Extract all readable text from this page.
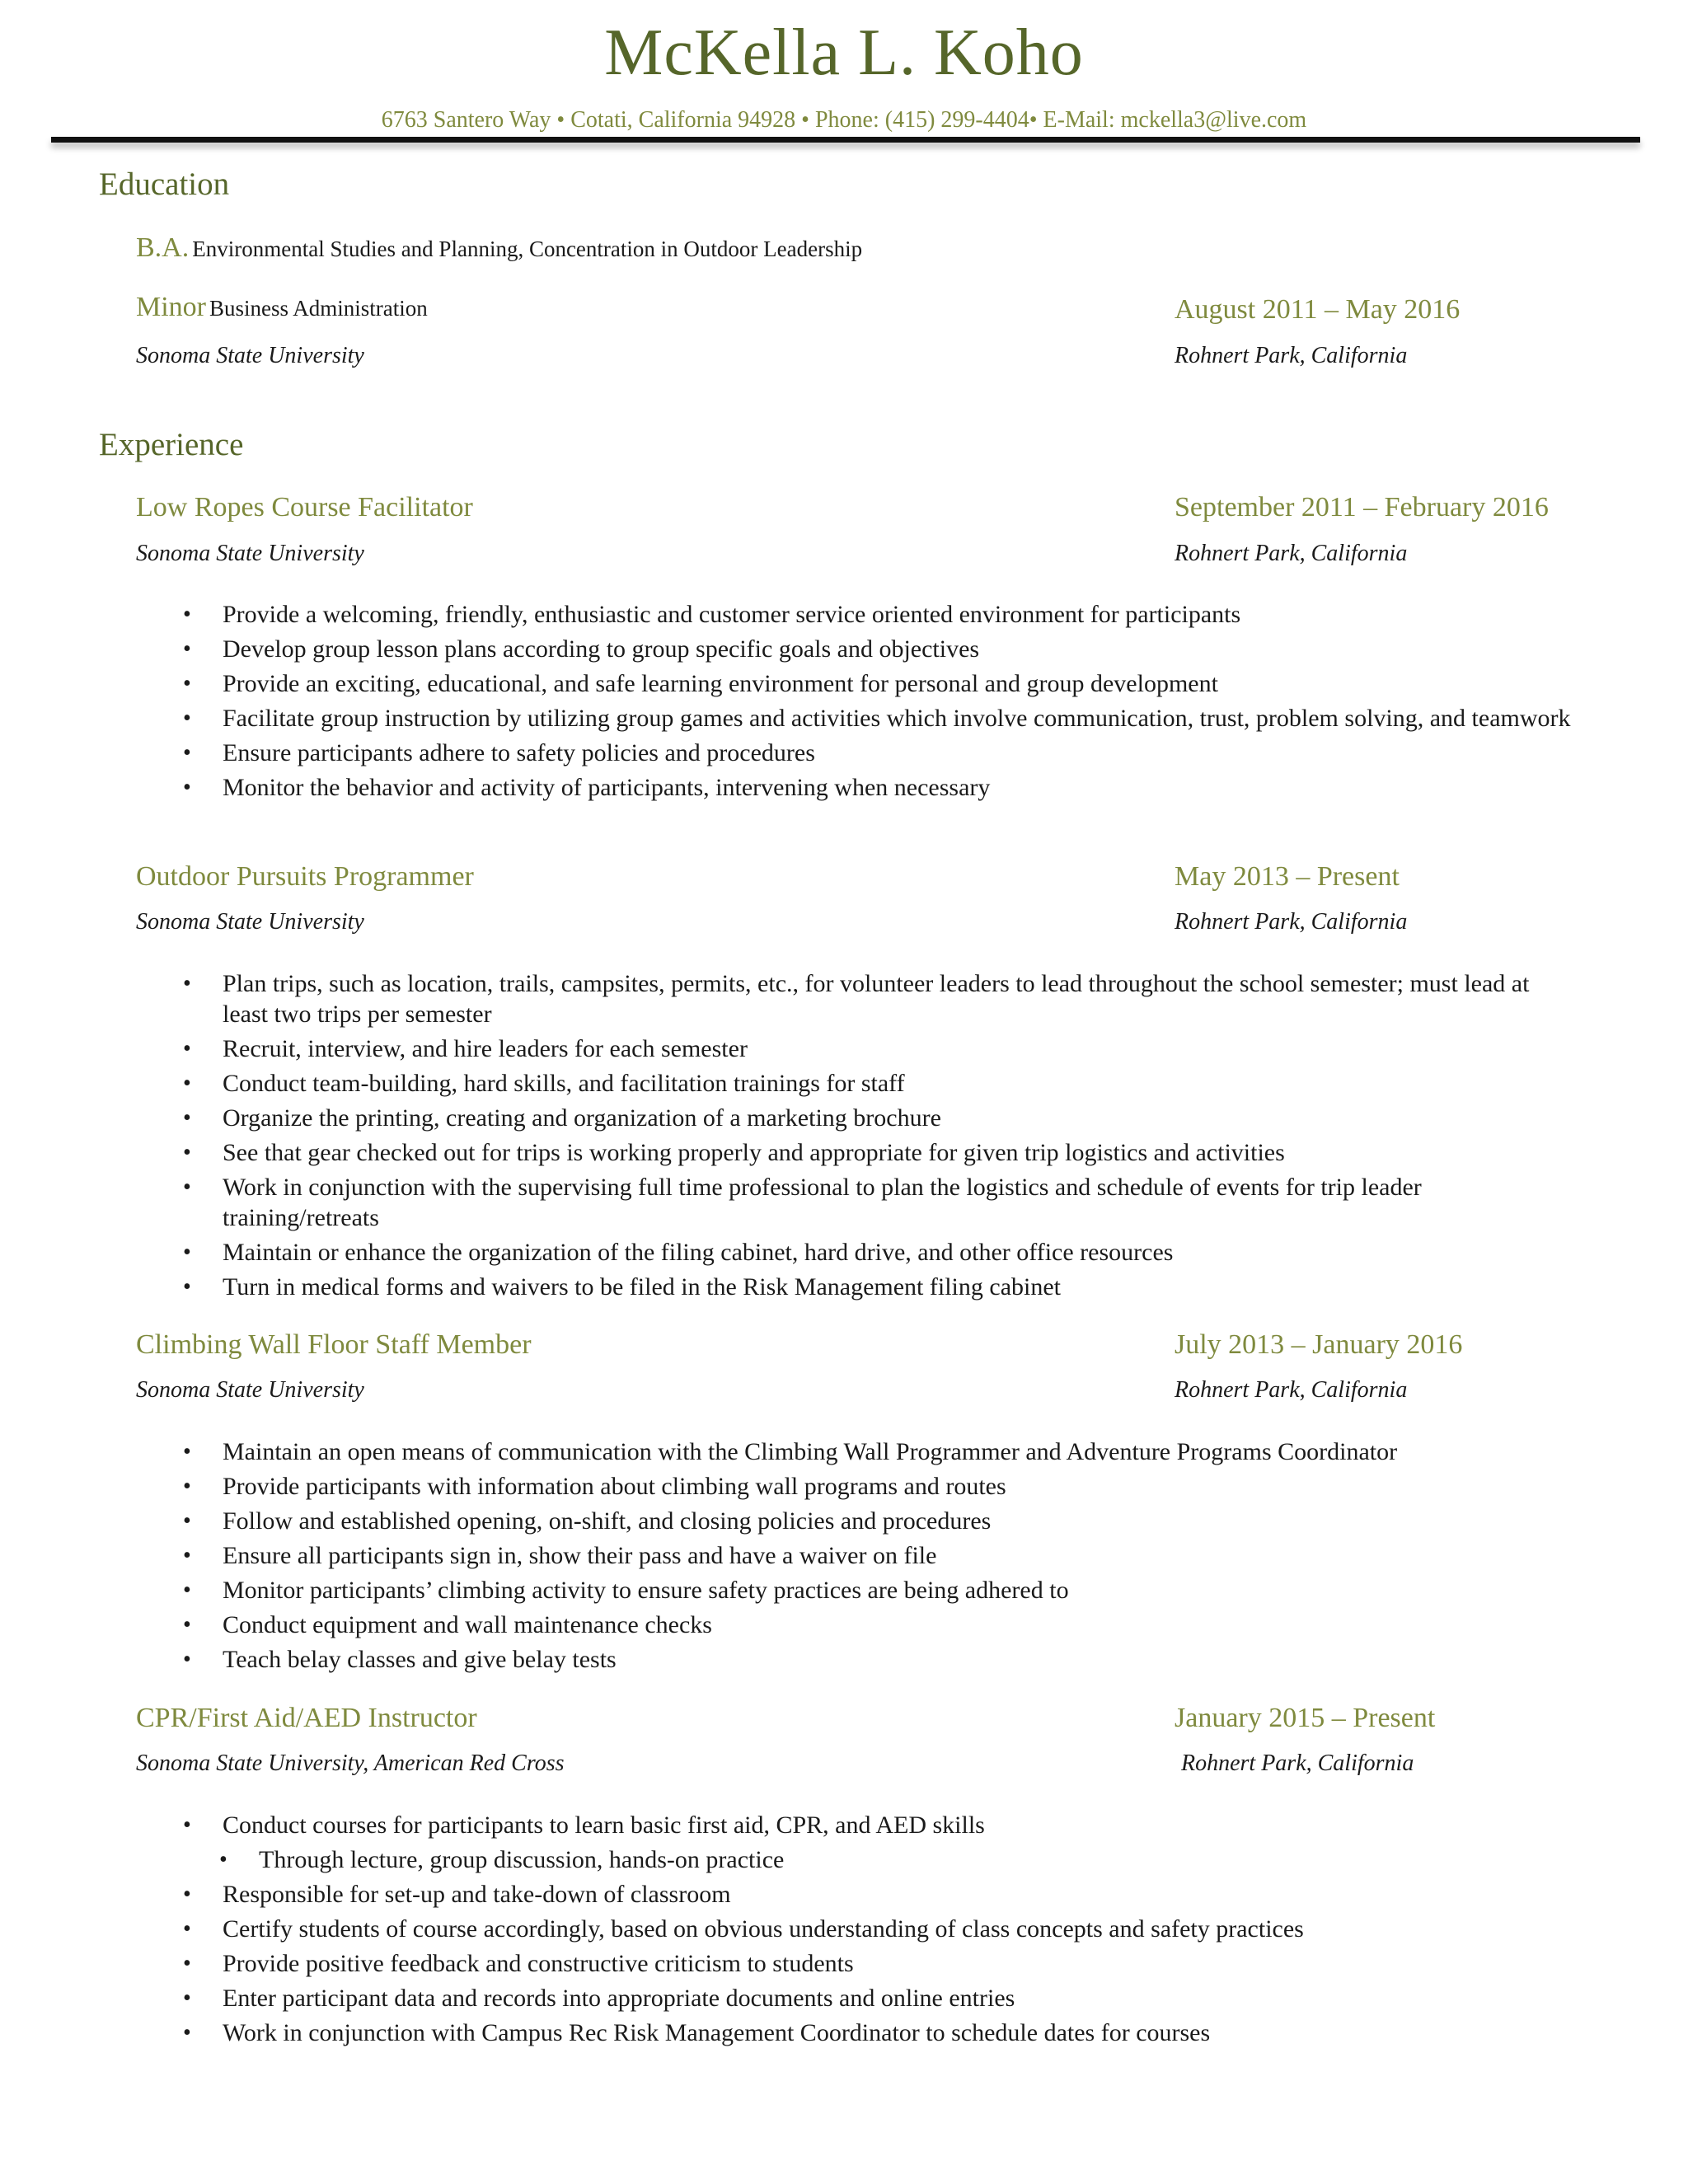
McKella L. Koho
6763 Santero Way • Cotati, California 94928 • Phone: (415) 299-4404• E-Mail: mckella3@live.com
Education
B.A. Environmental Studies and Planning, Concentration in Outdoor Leadership
Minor Business Administration	August 2011 – May 2016
Sonoma State University	Rohnert Park, California
Experience
Low Ropes Course Facilitator	September 2011 – February 2016
Sonoma State University	Rohnert Park, California
• Provide a welcoming, friendly, enthusiastic and customer service oriented environment for participants
• Develop group lesson plans according to group specific goals and objectives
• Provide an exciting, educational, and safe learning environment for personal and group development
• Facilitate group instruction by utilizing group games and activities which involve communication, trust, problem solving, and teamwork
• Ensure participants adhere to safety policies and procedures
• Monitor the behavior and activity of participants, intervening when necessary
Outdoor Pursuits Programmer	May 2013 – Present
Sonoma State University	Rohnert Park, California
• Plan trips, such as location, trails, campsites, permits, etc., for volunteer leaders to lead throughout the school semester; must lead at least two trips per semester
• Recruit, interview, and hire leaders for each semester
• Conduct team-building, hard skills, and facilitation trainings for staff
• Organize the printing, creating and organization of a marketing brochure
• See that gear checked out for trips is working properly and appropriate for given trip logistics and activities
• Work in conjunction with the supervising full time professional to plan the logistics and schedule of events for trip leader training/retreats
• Maintain or enhance the organization of the filing cabinet, hard drive, and other office resources
• Turn in medical forms and waivers to be filed in the Risk Management filing cabinet
Climbing Wall Floor Staff Member	July 2013 – January 2016
Sonoma State University	Rohnert Park, California
• Maintain an open means of communication with the Climbing Wall Programmer and Adventure Programs Coordinator
• Provide participants with information about climbing wall programs and routes
• Follow and established opening, on-shift, and closing policies and procedures
• Ensure all participants sign in, show their pass and have a waiver on file
• Monitor participants’ climbing activity to ensure safety practices are being adhered to
• Conduct equipment and wall maintenance checks
• Teach belay classes and give belay tests
CPR/First Aid/AED Instructor	January 2015 – Present
Sonoma State University, American Red Cross	Rohnert Park, California
• Conduct courses for participants to learn basic first aid, CPR, and AED skills
• Through lecture, group discussion, hands-on practice
• Responsible for set-up and take-down of classroom
• Certify students of course accordingly, based on obvious understanding of class concepts and safety practices
• Provide positive feedback and constructive criticism to students
• Enter participant data and records into appropriate documents and online entries
• Work in conjunction with Campus Rec Risk Management Coordinator to schedule dates for courses
